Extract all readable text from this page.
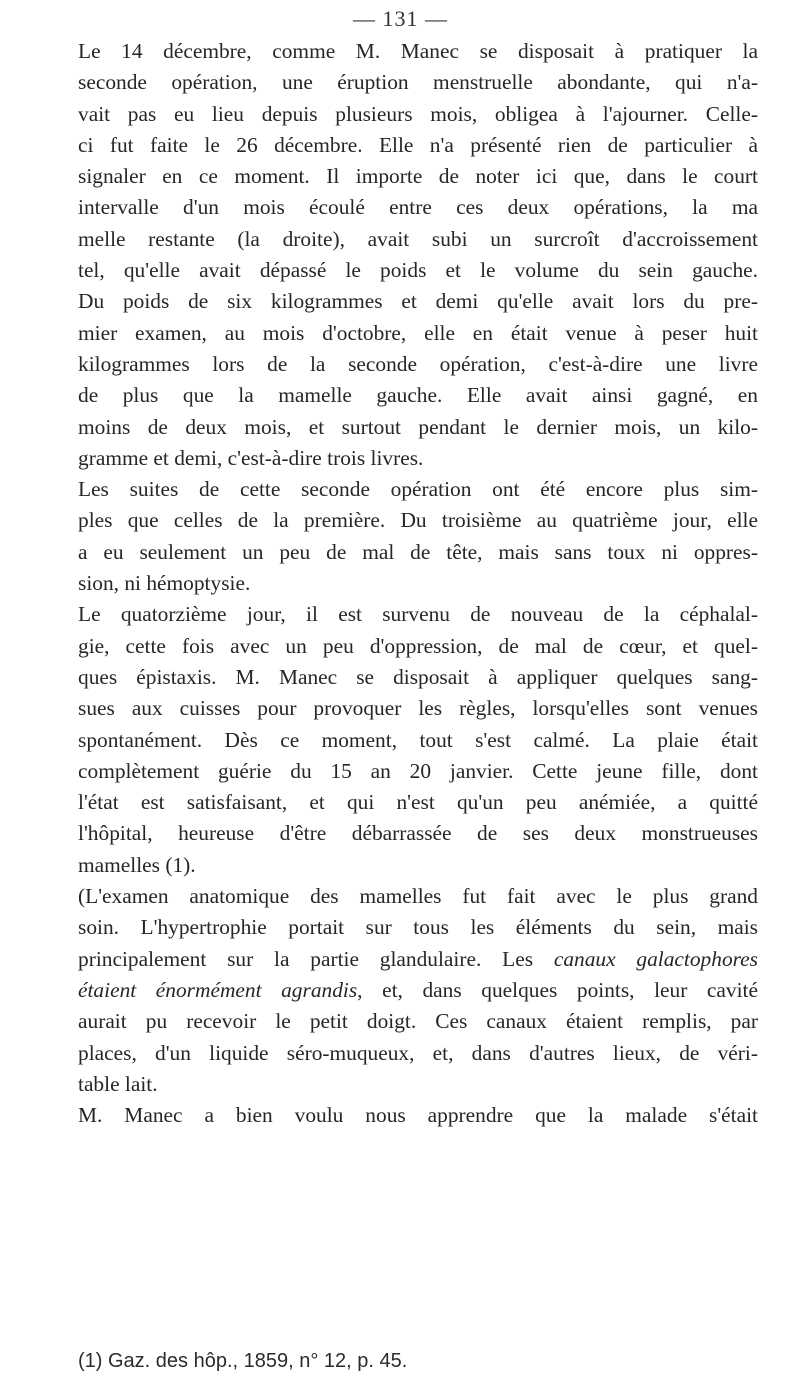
— 131 —

Le 14 décembre, comme M. Manec se disposait à pratiquer la
seconde opération, une éruption menstruelle abondante, qui n'a-
vait pas eu lieu depuis plusieurs mois, obligea à l'ajourner. Celle-
ci fut faite le 26 décembre. Elle n'a présenté rien de particulier à
signaler en ce moment. Il importe de noter ici que, dans le court
intervalle d'un mois écoulé entre ces deux opérations, la ma
melle restante (la droite), avait subi un surcroît d'accroissement
tel, qu'elle avait dépassé le poids et le volume du sein gauche.
Du poids de six kilogrammes et demi qu'elle avait lors du pre-
mier examen, au mois d'octobre, elle en était venue à peser huit
kilogrammes lors de la seconde opération, c'est-à-dire une livre
de plus que la mamelle gauche. Elle avait ainsi gagné, en
moins de deux mois, et surtout pendant le dernier mois, un kilo-
gramme et demi, c'est-à-dire trois livres.

Les suites de cette seconde opération ont été encore plus sim-
ples que celles de la première. Du troisième au quatrième jour, elle
a eu seulement un peu de mal de tête, mais sans toux ni oppres-
sion, ni hémoptysie.

Le quatorzième jour, il est survenu de nouveau de la céphalal-
gie, cette fois avec un peu d'oppression, de mal de cœur, et quel-
ques épistaxis. M. Manec se disposait à appliquer quelques sang-
sues aux cuisses pour provoquer les règles, lorsqu'elles sont venues
spontanément. Dès ce moment, tout s'est calmé. La plaie était
complètement guérie du 15 an 20 janvier. Cette jeune fille, dont
l'état est satisfaisant, et qui n'est qu'un peu anémiée, a quitté
l'hôpital, heureuse d'être débarrassée de ses deux monstrueuses
mamelles (1).

(L'examen anatomique des mamelles fut fait avec le plus grand
soin. L'hypertrophie portait sur tous les éléments du sein, mais
principalement sur la partie glandulaire. Les canaux galactophores
étaient énormément agrandis, et, dans quelques points, leur cavité
aurait pu recevoir le petit doigt. Ces canaux étaient remplis, par
places, d'un liquide séro-muqueux, et, dans d'autres lieux, de véri-
table lait.

M. Manec a bien voulu nous apprendre que la malade s'était

(1) Gaz. des hôp., 1859, n° 12, p. 45.
